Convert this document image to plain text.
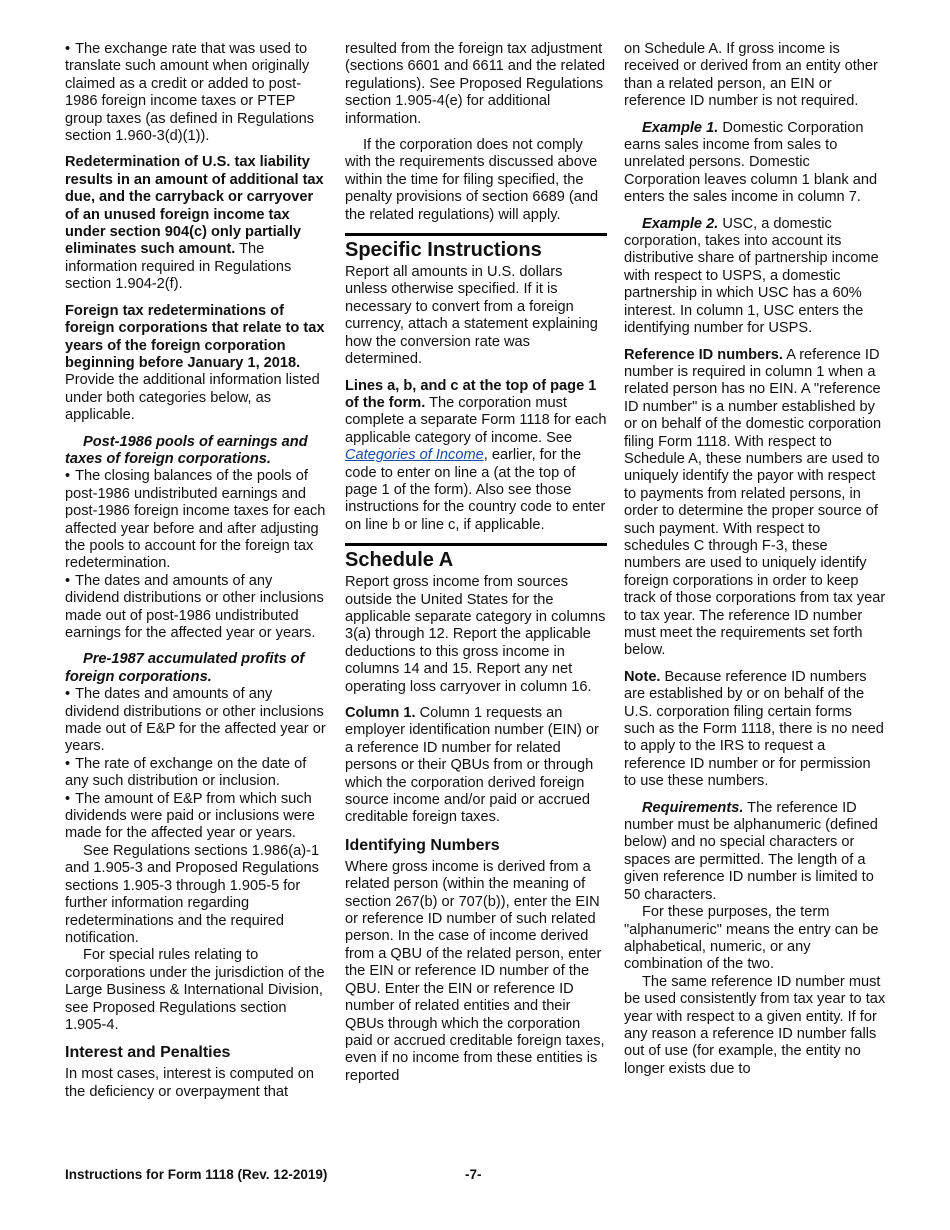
• The exchange rate that was used to translate such amount when originally claimed as a credit or added to post-1986 foreign income taxes or PTEP group taxes (as defined in Regulations section 1.960-3(d)(1)).

Redetermination of U.S. tax liability results in an amount of additional tax due, and the carryback or carryover of an unused foreign income tax under section 904(c) only partially eliminates such amount. The information required in Regulations section 1.904-2(f).

Foreign tax redeterminations of foreign corporations that relate to tax years of the foreign corporation beginning before January 1, 2018. Provide the additional information listed under both categories below, as applicable.

Post-1986 pools of earnings and taxes of foreign corporations.

• The closing balances of the pools of post-1986 undistributed earnings and post-1986 foreign income taxes for each affected year before and after adjusting the pools to account for the foreign tax redetermination.

• The dates and amounts of any dividend distributions or other inclusions made out of post-1986 undistributed earnings for the affected year or years.

Pre-1987 accumulated profits of foreign corporations.

• The dates and amounts of any dividend distributions or other inclusions made out of E&P for the affected year or years.

• The rate of exchange on the date of any such distribution or inclusion.

• The amount of E&P from which such dividends were paid or inclusions were made for the affected year or years.

See Regulations sections 1.986(a)-1 and 1.905-3 and Proposed Regulations sections 1.905-3 through 1.905-5 for further information regarding redeterminations and the required notification.

For special rules relating to corporations under the jurisdiction of the Large Business & International Division, see Proposed Regulations section 1.905-4.

Interest and Penalties

In most cases, interest is computed on the deficiency or overpayment that

resulted from the foreign tax adjustment (sections 6601 and 6611 and the related regulations). See Proposed Regulations section 1.905-4(e) for additional information.

If the corporation does not comply with the requirements discussed above within the time for filing specified, the penalty provisions of section 6689 (and the related regulations) will apply.

Specific Instructions

Report all amounts in U.S. dollars unless otherwise specified. If it is necessary to convert from a foreign currency, attach a statement explaining how the conversion rate was determined.

Lines a, b, and c at the top of page 1 of the form. The corporation must complete a separate Form 1118 for each applicable category of income. See Categories of Income, earlier, for the code to enter on line a (at the top of page 1 of the form). Also see those instructions for the country code to enter on line b or line c, if applicable.

Schedule A

Report gross income from sources outside the United States for the applicable separate category in columns 3(a) through 12. Report the applicable deductions to this gross income in columns 14 and 15. Report any net operating loss carryover in column 16.

Column 1. Column 1 requests an employer identification number (EIN) or a reference ID number for related persons or their QBUs from or through which the corporation derived foreign source income and/or paid or accrued creditable foreign taxes.

Identifying Numbers

Where gross income is derived from a related person (within the meaning of section 267(b) or 707(b)), enter the EIN or reference ID number of such related person. In the case of income derived from a QBU of the related person, enter the EIN or reference ID number of the QBU. Enter the EIN or reference ID number of related entities and their QBUs through which the corporation paid or accrued creditable foreign taxes, even if no income from these entities is reported

on Schedule A. If gross income is received or derived from an entity other than a related person, an EIN or reference ID number is not required.

Example 1. Domestic Corporation earns sales income from sales to unrelated persons. Domestic Corporation leaves column 1 blank and enters the sales income in column 7.

Example 2. USC, a domestic corporation, takes into account its distributive share of partnership income with respect to USPS, a domestic partnership in which USC has a 60% interest. In column 1, USC enters the identifying number for USPS.

Reference ID numbers. A reference ID number is required in column 1 when a related person has no EIN. A "reference ID number" is a number established by or on behalf of the domestic corporation filing Form 1118. With respect to Schedule A, these numbers are used to uniquely identify the payor with respect to payments from related persons, in order to determine the proper source of such payment. With respect to schedules C through F-3, these numbers are used to uniquely identify foreign corporations in order to keep track of those corporations from tax year to tax year. The reference ID number must meet the requirements set forth below.

Note. Because reference ID numbers are established by or on behalf of the U.S. corporation filing certain forms such as the Form 1118, there is no need to apply to the IRS to request a reference ID number or for permission to use these numbers.

Requirements. The reference ID number must be alphanumeric (defined below) and no special characters or spaces are permitted. The length of a given reference ID number is limited to 50 characters.

For these purposes, the term "alphanumeric" means the entry can be alphabetical, numeric, or any combination of the two.

The same reference ID number must be used consistently from tax year to tax year with respect to a given entity. If for any reason a reference ID number falls out of use (for example, the entity no longer exists due to

Instructions for Form 1118 (Rev. 12-2019)	-7-
